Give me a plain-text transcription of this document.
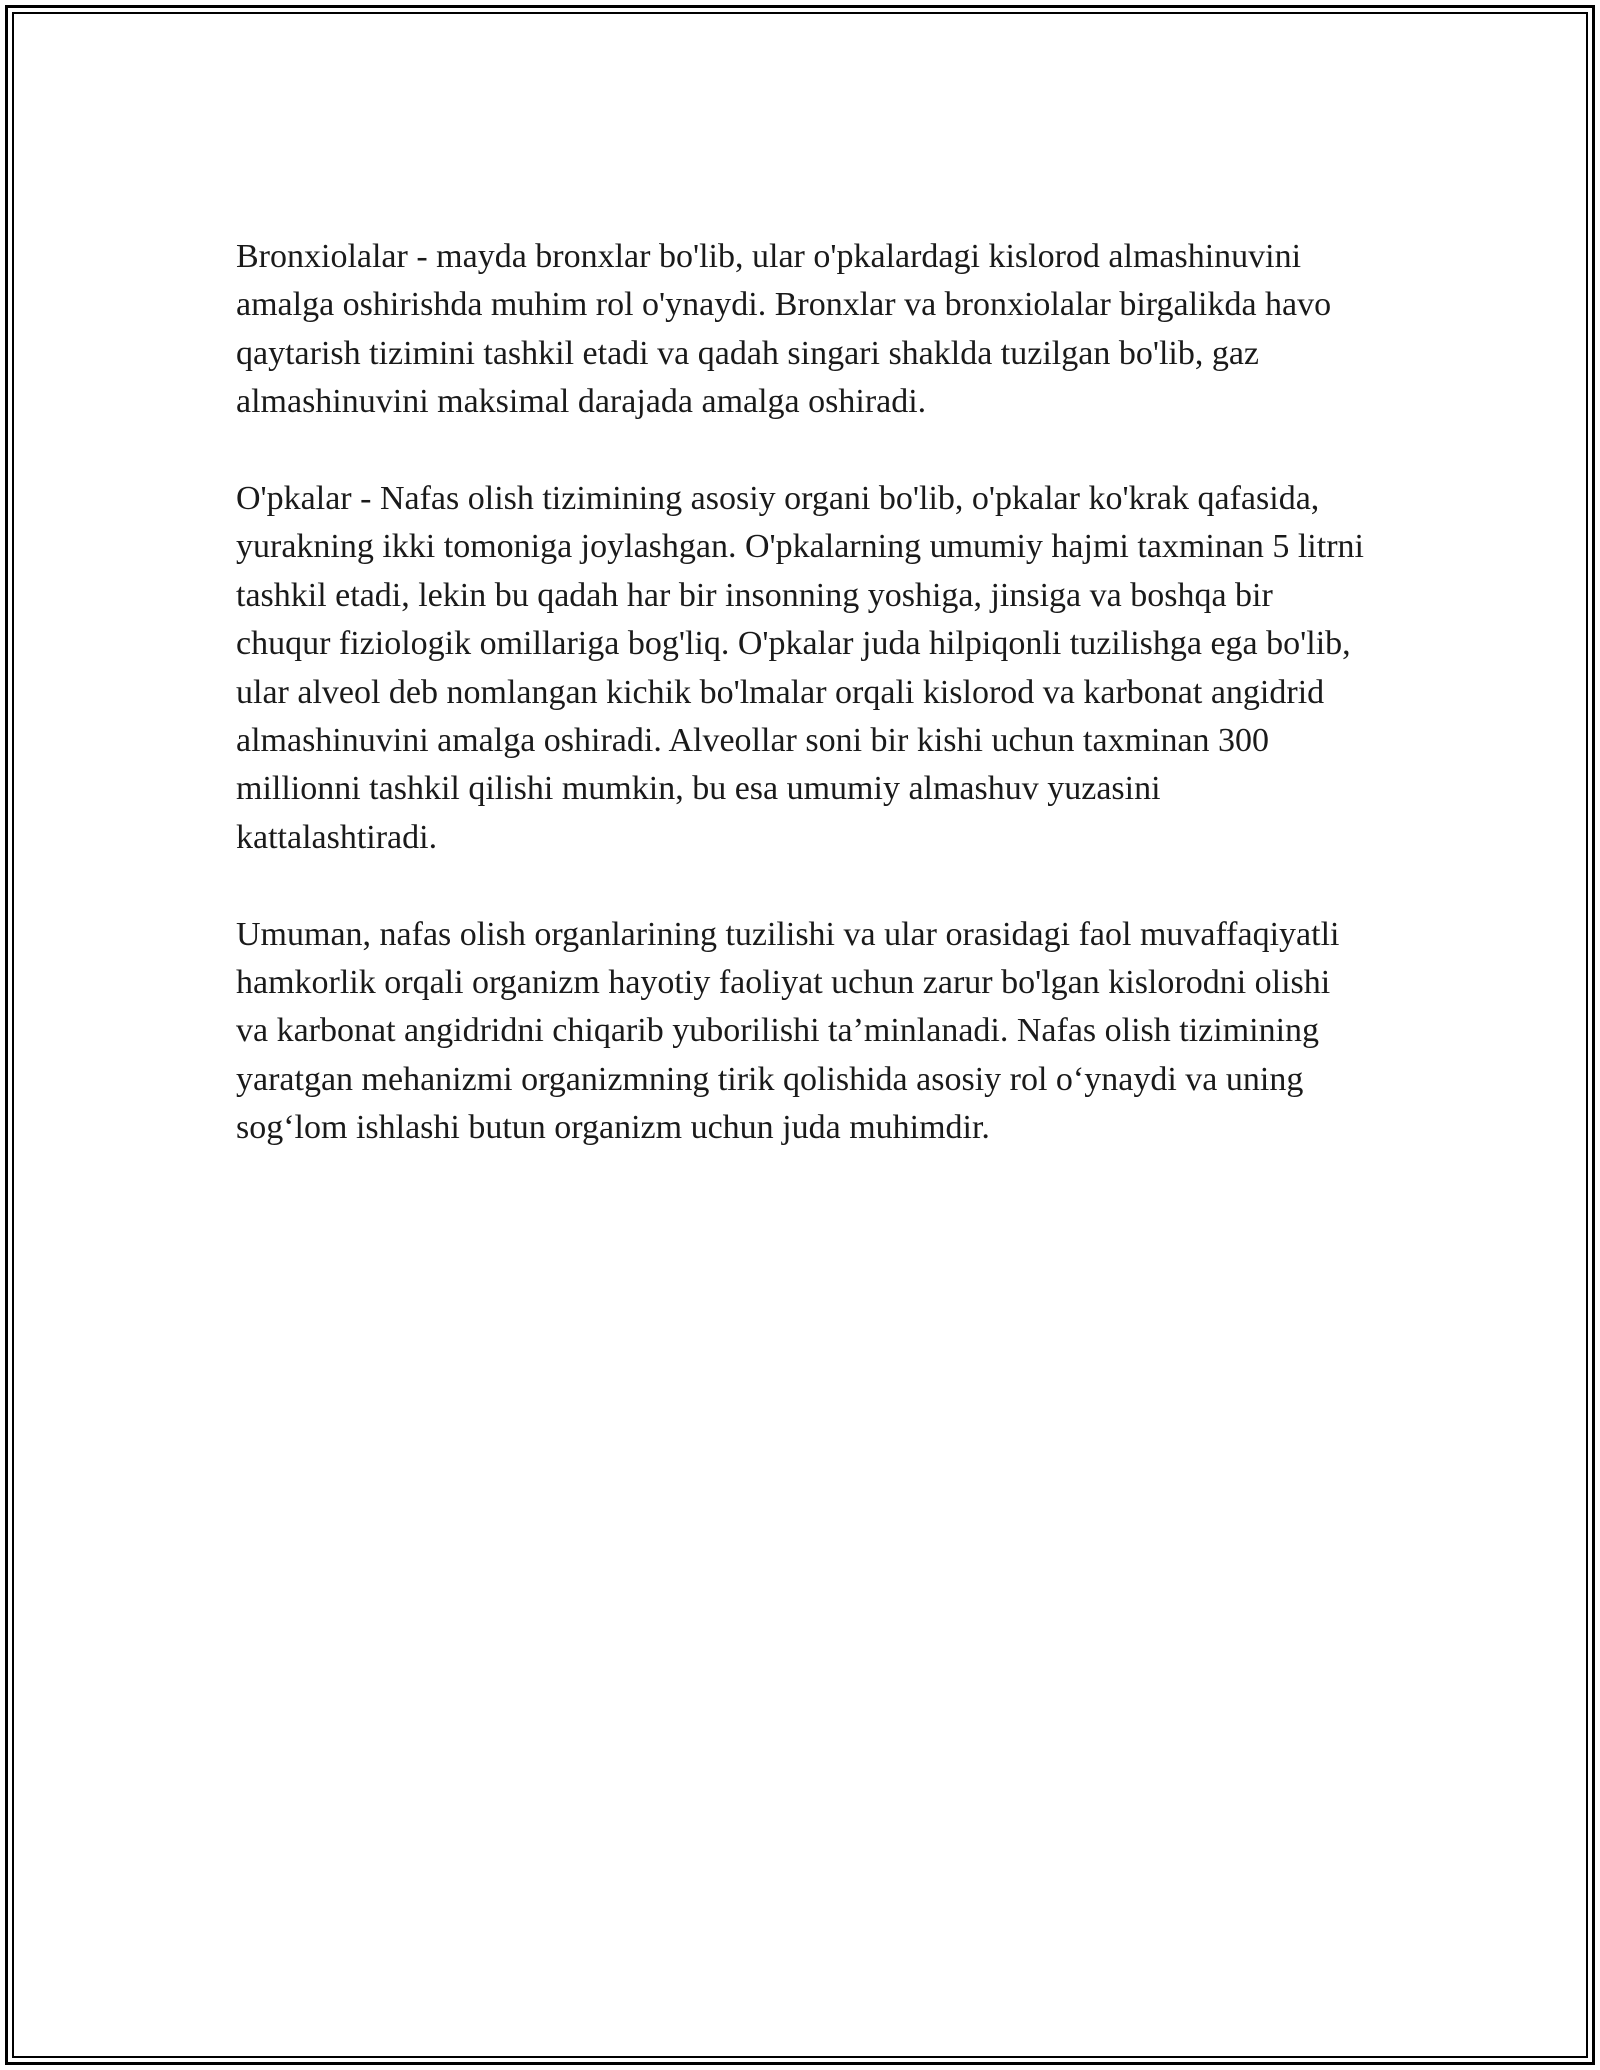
Bronxiolalar - mayda bronxlar bo'lib, ular o'pkalardagi kislorod almashinuvini amalga oshirishda muhim rol o'ynaydi. Bronxlar va bronxiolalar birgalikda havo qaytarish tizimini tashkil etadi va qadah singari shaklda tuzilgan bo'lib, gaz almashinuvini maksimal darajada amalga oshiradi.

O'pkalar - Nafas olish tizimining asosiy organi bo'lib, o'pkalar ko'krak qafasida, yurakning ikki tomoniga joylashgan. O'pkalarning umumiy hajmi taxminan 5 litrni tashkil etadi, lekin bu qadah har bir insonning yoshiga, jinsiga va boshqa bir chuqur fiziologik omillariga bog'liq. O'pkalar juda hilpiqonli tuzilishga ega bo'lib, ular alveol deb nomlangan kichik bo'lmalar orqali kislorod va karbonat angidrid almashinuvini amalga oshiradi. Alveollar soni bir kishi uchun taxminan 300 millionni tashkil qilishi mumkin, bu esa umumiy almashuv yuzasini kattalashtiradi.

Umuman, nafas olish organlarining tuzilishi va ular orasidagi faol muvaffaqiyatli hamkorlik orqali organizm hayotiy faoliyat uchun zarur bo'lgan kislorodni olishi va karbonat angidridni chiqarib yuborilishi ta’minlanadi. Nafas olish tizimining yaratgan mehanizmi organizmning tirik qolishida asosiy rol o‘ynaydi va uning sog‘lom ishlashi butun organizm uchun juda muhimdir.
